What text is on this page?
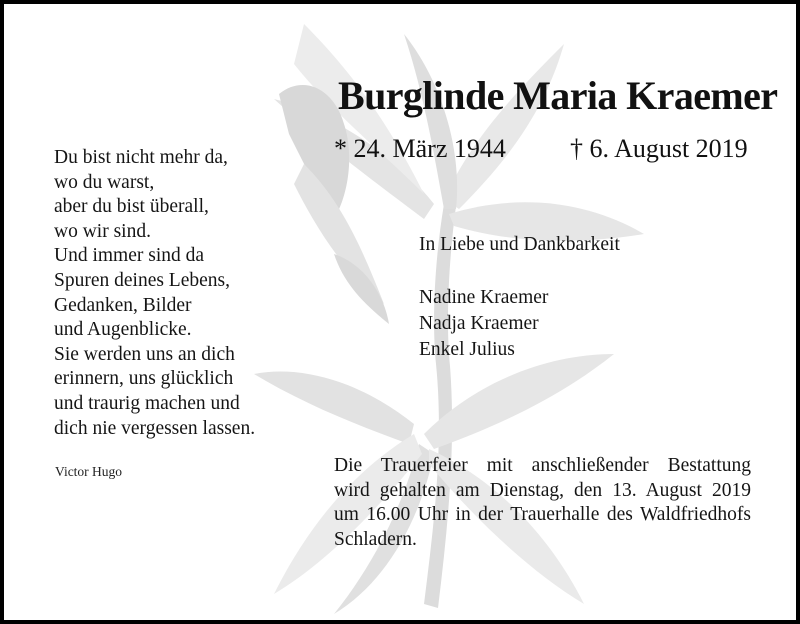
Du bist nicht mehr da,
wo du warst,
aber du bist überall,
wo wir sind.
Und immer sind da
Spuren deines Lebens,
Gedanken, Bilder
und Augenblicke.
Sie werden uns an dich
erinnern, uns glücklich
und traurig machen und
dich nie vergessen lassen.
Victor Hugo
Burglinde Maria Kraemer
* 24. März 1944 † 6. August 2019
In Liebe und Dankbarkeit
Nadine Kraemer
Nadja Kraemer
Enkel Julius
Die Trauerfeier mit anschließender Bestattung
wird gehalten am Dienstag, den 13. August 2019
um 16.00 Uhr in der Trauerhalle des Waldfriedhofs
Schladern.
